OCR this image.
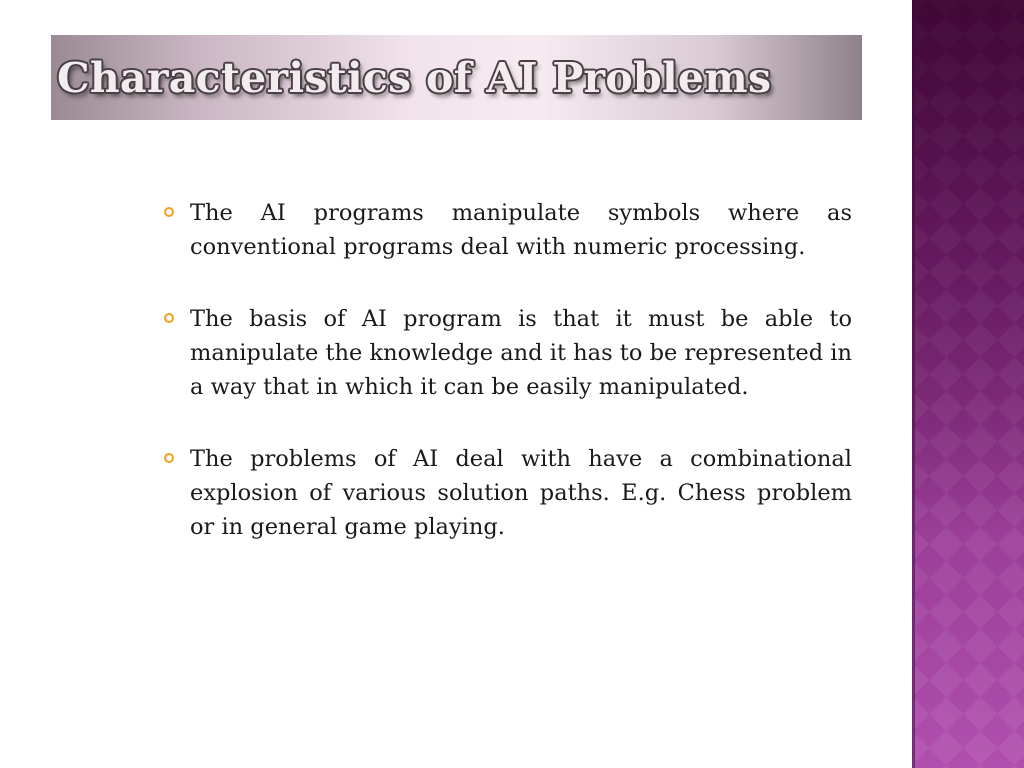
Characteristics of AI Problems
The AI programs manipulate symbols where as conventional programs deal with numeric processing.
The basis of AI program is that it must be able to manipulate the knowledge and it has to be represented in a way that in which it can be easily manipulated.
The problems of AI deal with have a combinational explosion of various solution paths. E.g. Chess problem or in general game playing.
